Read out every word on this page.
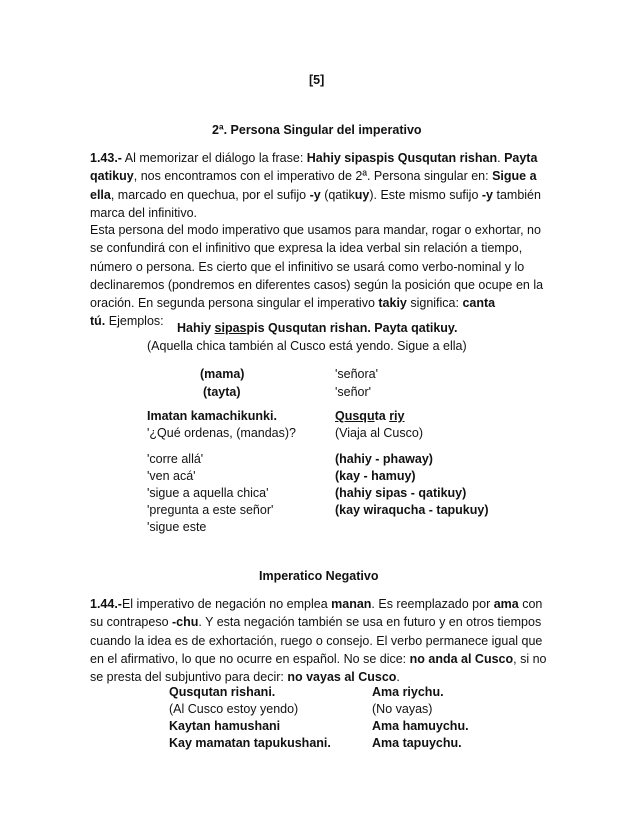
[5]
2ª. Persona Singular del imperativo
1.43.- Al memorizar el diálogo la frase: Hahiy sipaspis Qusqutan rishan. Payta
qatikuy, nos encontramos con el imperativo de 2ª. Persona singular en: Sigue a
ella, marcado en quechua, por el sufijo -y (qatikuy). Este mismo sufijo -y también
marca del infinitivo.
Esta persona del modo imperativo que usamos para mandar, rogar o exhortar, no
se confundirá con el infinitivo que expresa la idea verbal sin relación a tiempo,
número o persona. Es cierto que el infinitivo se usará como verbo-nominal y lo
declinaremos (pondremos en diferentes casos) según la posición que ocupe en la
oración. En segunda persona singular el imperativo takiy significa: canta
tú. Ejemplos:	Hahiy sipaspis Qusqutan rishan. Payta qatikuy.
(Aquella chica también al Cusco está yendo. Sigue a ella)
(mama)	'señora'
(tayta)	'señor'
Imatan kamachikunki.	Qusquta riy
'¿Qué ordenas, (mandas)?	(Viaja al Cusco)
'corre allá'	(hahiy - phaway)
'ven acá'	(kay - hamuy)
'sigue a aquella chica'	(hahiy sipas - qatikuy)
'pregunta a este señor'	(kay wiraqucha - tapukuy)
'sigue este
Imperatico Negativo
1.44.-El imperativo de negación no emplea manan. Es reemplazado por ama con
su contrapeso -chu. Y esta negación también se usa en futuro y en otros tiempos
cuando la idea es de exhortación, ruego o consejo. El verbo permanece igual que
en el afirmativo, lo que no ocurre en español. No se dice: no anda al Cusco, si no
se presta del subjuntivo para decir: no vayas al Cusco.
Qusqutan rishani.	Ama riychu.
(Al Cusco estoy yendo)	(No vayas)
Kaytan hamushani	Ama hamuychu.
Kay mamatan tapukushani.	Ama tapuychu.
